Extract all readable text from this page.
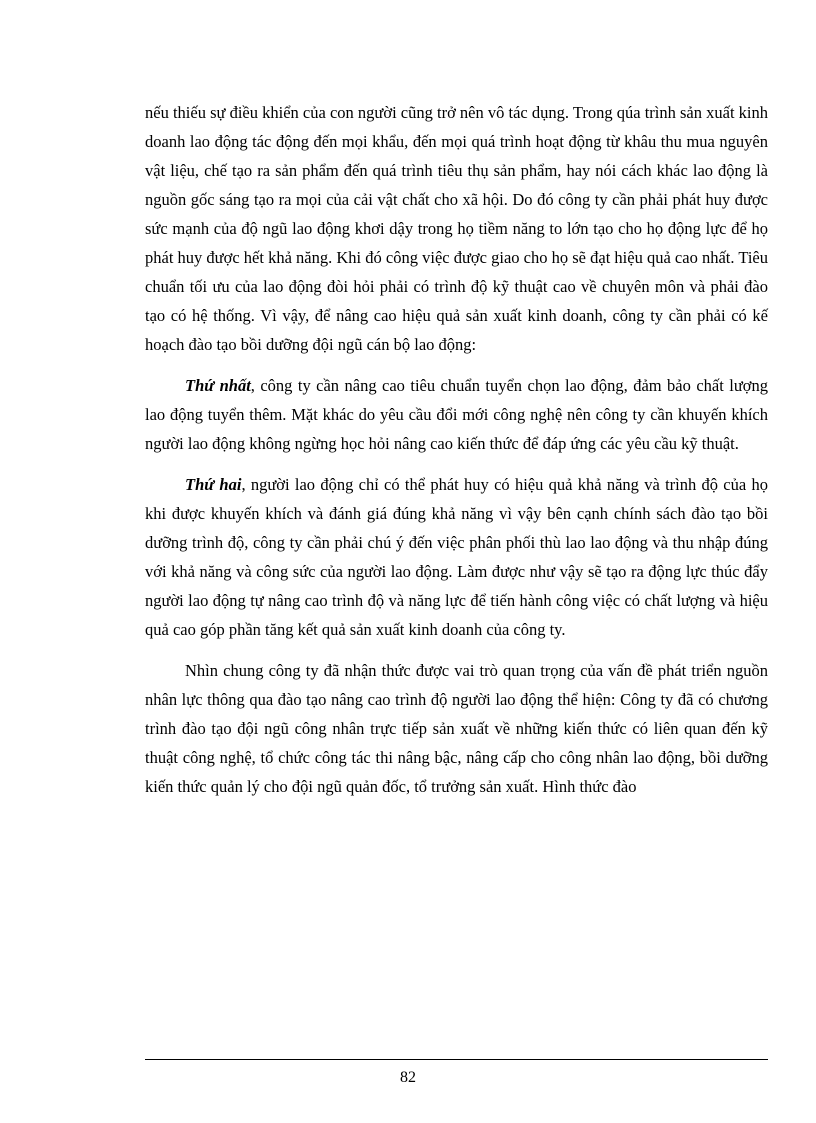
nếu thiếu sự điều khiển của con người cũng trở nên vô tác dụng. Trong qúa trình sản xuất kinh doanh lao động tác động đến mọi khẩu, đến mọi quá trình hoạt động từ khâu thu mua nguyên vật liệu, chế tạo ra sản phẩm đến quá trình tiêu thụ sản phẩm, hay nói cách khác lao động là nguồn gốc sáng tạo ra mọi của cải vật chất cho xã hội. Do đó công ty cần phải phát huy được sức mạnh của độ ngũ lao động khơi dậy trong họ tiềm năng to lớn tạo cho họ động lực để họ phát huy được hết khả năng. Khi đó công việc được giao cho họ sẽ đạt hiệu quả cao nhất. Tiêu chuẩn tối ưu của lao động đòi hỏi phải có trình độ kỹ thuật cao về chuyên môn và phải đào tạo có hệ thống. Vì vậy, để nâng cao hiệu quả sản xuất kinh doanh, công ty cần phải có kế hoạch đào tạo bồi dưỡng đội ngũ cán bộ lao động:

Thứ nhất, công ty cần nâng cao tiêu chuẩn tuyển chọn lao động, đảm bảo chất lượng lao động tuyển thêm. Mặt khác do yêu cầu đổi mới công nghệ nên công ty cần khuyến khích người lao động không ngừng học hỏi nâng cao kiến thức để đáp ứng các yêu cầu kỹ thuật.

Thứ hai, người lao động chỉ có thể phát huy có hiệu quả khả năng và trình độ của họ khi được khuyến khích và đánh giá đúng khả năng vì vậy bên cạnh chính sách đào tạo bồi dưỡng trình độ, công ty cần phải chú ý đến việc phân phối thù lao lao động và thu nhập đúng với khả năng và công sức của người lao động. Làm được như vậy sẽ tạo ra động lực thúc đẩy người lao động tự nâng cao trình độ và năng lực để tiến hành công việc có chất lượng và hiệu quả cao góp phần tăng kết quả sản xuất kinh doanh của công ty.

Nhìn chung công ty đã nhận thức được vai trò quan trọng của vấn đề phát triển nguồn nhân lực thông qua đào tạo nâng cao trình độ người lao động thể hiện: Công ty đã có chương trình đào tạo đội ngũ công nhân trực tiếp sản xuất về những kiến thức có liên quan đến kỹ thuật công nghệ, tổ chức công tác thi nâng bậc, nâng cấp cho công nhân lao động, bồi dưỡng kiến thức quản lý cho đội ngũ quản đốc, tổ trưởng sản xuất. Hình thức đào

82
